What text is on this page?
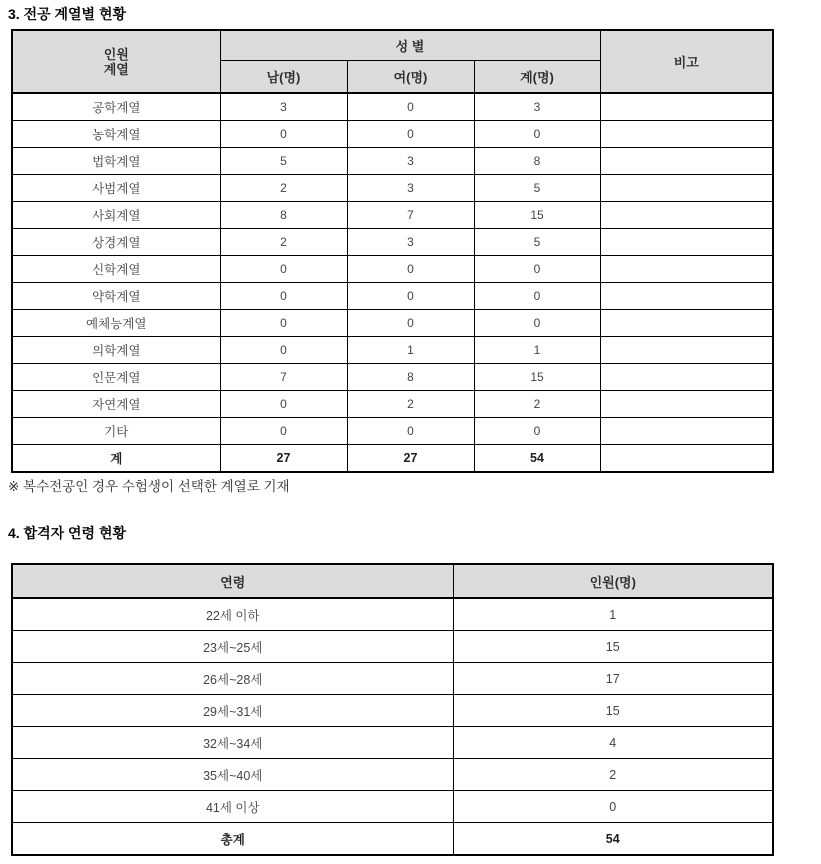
3. 전공 계열별 현황
인원
계열	성 별			비고
	남(명)	여(명)	계(명)	
공학계열	3	0	3	
농학계열	0	0	0	
법학계열	5	3	8	
사범계열	2	3	5	
사회계열	8	7	15	
상경계열	2	3	5	
신학계열	0	0	0	
약학계열	0	0	0	
예체능계열	0	0	0	
의학계열	0	1	1	
인문계열	7	8	15	
자연계열	0	2	2	
기타	0	0	0	
계	27	27	54	

※ 복수전공인 경우 수험생이 선택한 계열로 기재

4. 합격자 연령 현황
연령	인원(명)
22세 이하	1
23세~25세	15
26세~28세	17
29세~31세	15
32세~34세	4
35세~40세	2
41세 이상	0
총계	54
